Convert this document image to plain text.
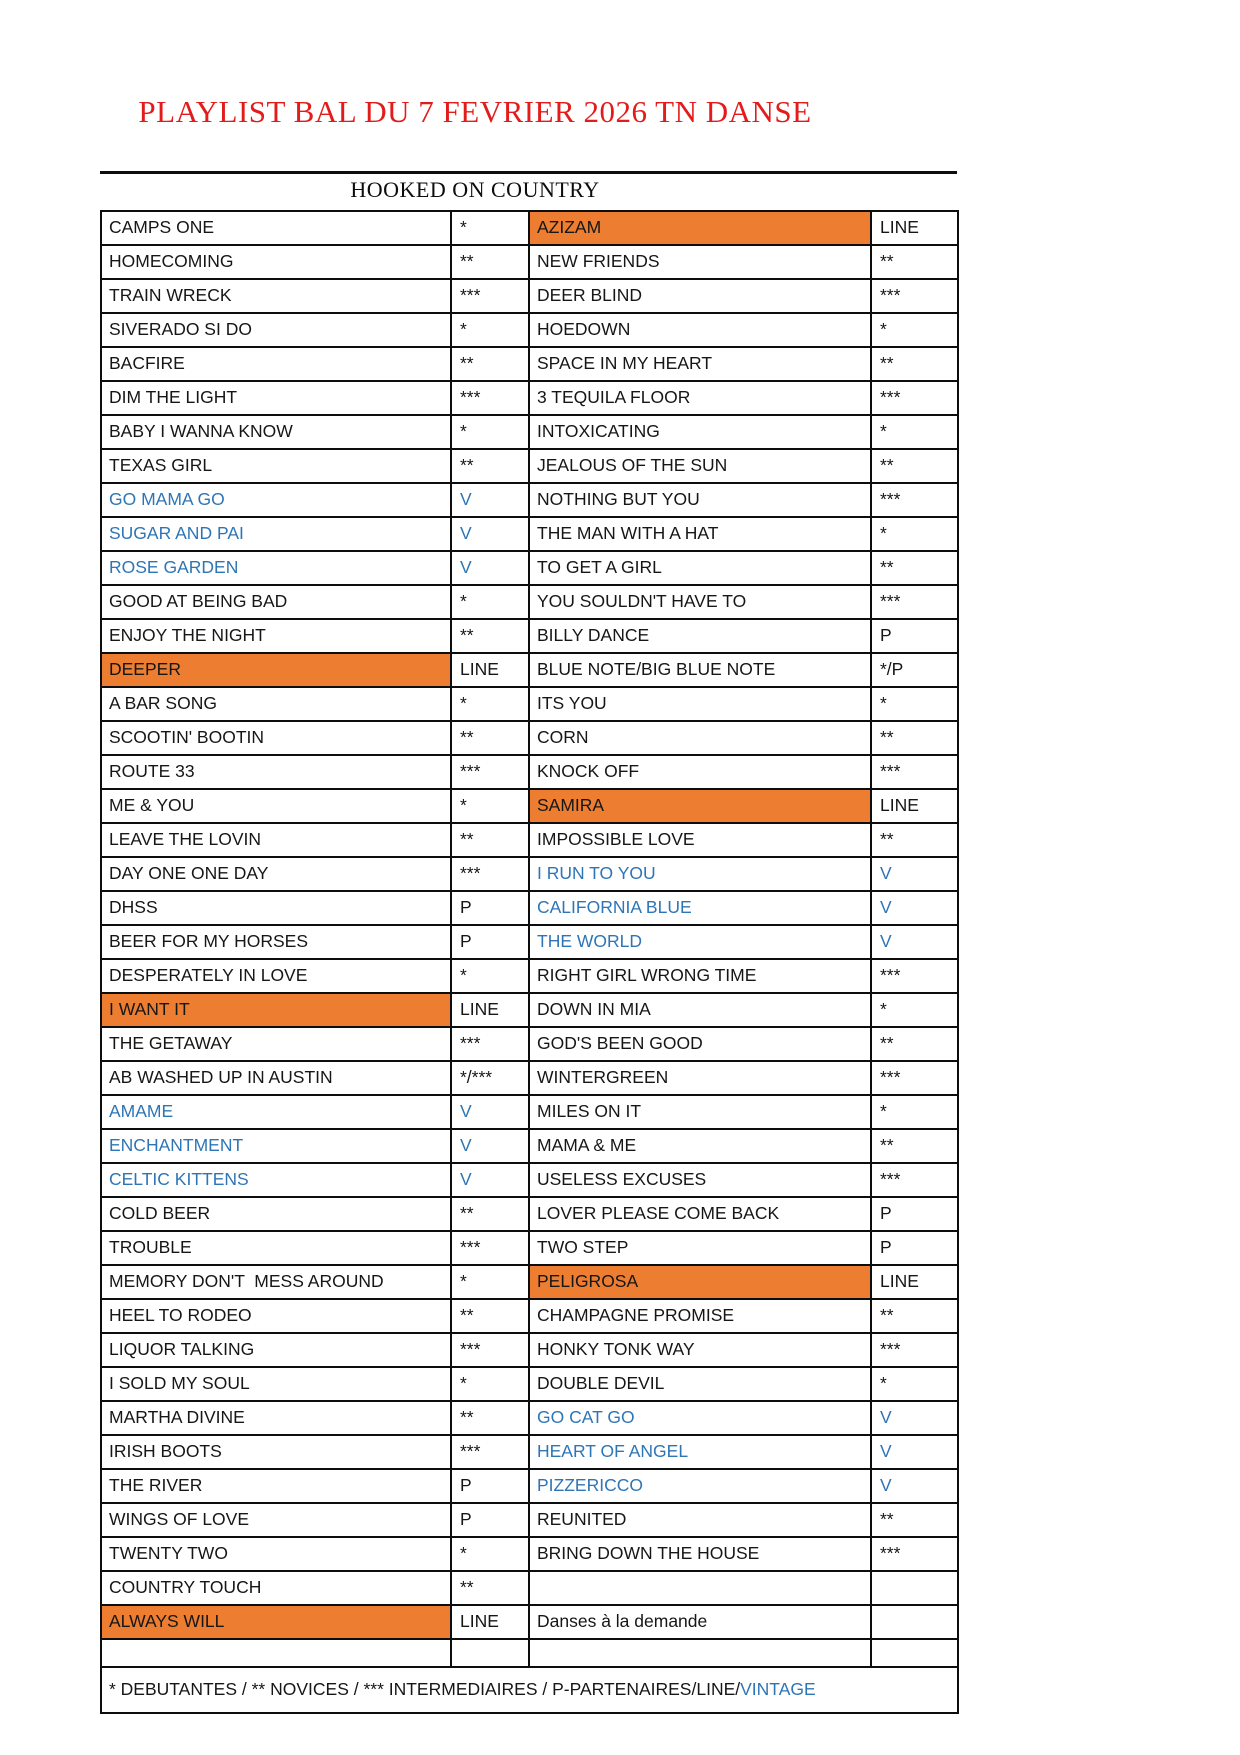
PLAYLIST BAL DU 7 FEVRIER 2026 TN DANSE
HOOKED ON COUNTRY
CAMPS ONE	*	AZIZAM	LINE
HOMECOMING	**	NEW FRIENDS	**
TRAIN WRECK	***	DEER BLIND	***
SIVERADO SI DO	*	HOEDOWN	*
BACFIRE	**	SPACE IN MY HEART	**
DIM THE LIGHT	***	3 TEQUILA FLOOR	***
BABY I WANNA KNOW	*	INTOXICATING	*
TEXAS GIRL	**	JEALOUS OF THE SUN	**
GO MAMA GO	V	NOTHING BUT YOU	***
SUGAR AND PAI	V	THE MAN WITH A HAT	*
ROSE GARDEN	V	TO GET A GIRL	**
GOOD AT BEING BAD	*	YOU SOULDN'T HAVE TO	***
ENJOY THE NIGHT	**	BILLY DANCE	P
DEEPER	LINE	BLUE NOTE/BIG BLUE NOTE	*/P
A BAR SONG	*	ITS YOU	*
SCOOTIN' BOOTIN	**	CORN	**
ROUTE 33	***	KNOCK OFF	***
ME & YOU	*	SAMIRA	LINE
LEAVE THE LOVIN	**	IMPOSSIBLE LOVE	**
DAY ONE ONE DAY	***	I RUN TO YOU	V
DHSS	P	CALIFORNIA BLUE	V
BEER FOR MY HORSES	P	THE WORLD	V
DESPERATELY IN LOVE	*	RIGHT GIRL WRONG TIME	***
I WANT IT	LINE	DOWN IN MIA	*
THE GETAWAY	***	GOD'S BEEN GOOD	**
AB WASHED UP IN AUSTIN	*/***	WINTERGREEN	***
AMAME	V	MILES ON IT	*
ENCHANTMENT	V	MAMA & ME	**
CELTIC KITTENS	V	USELESS EXCUSES	***
COLD BEER	**	LOVER PLEASE COME BACK	P
TROUBLE	***	TWO STEP	P
MEMORY DON'T  MESS AROUND	*	PELIGROSA	LINE
HEEL TO RODEO	**	CHAMPAGNE PROMISE	**
LIQUOR TALKING	***	HONKY TONK WAY	***
I SOLD MY SOUL	*	DOUBLE DEVIL	*
MARTHA DIVINE	**	GO CAT GO	V
IRISH BOOTS	***	HEART OF ANGEL	V
THE RIVER	P	PIZZERICCO	V
WINGS OF LOVE	P	REUNITED	**
TWENTY TWO	*	BRING DOWN THE HOUSE	***
COUNTRY TOUCH	**		
ALWAYS WILL	LINE	Danses à la demande	

* DEBUTANTES / ** NOVICES / *** INTERMEDIAIRES / P-PARTENAIRES/LINE/VINTAGE			
